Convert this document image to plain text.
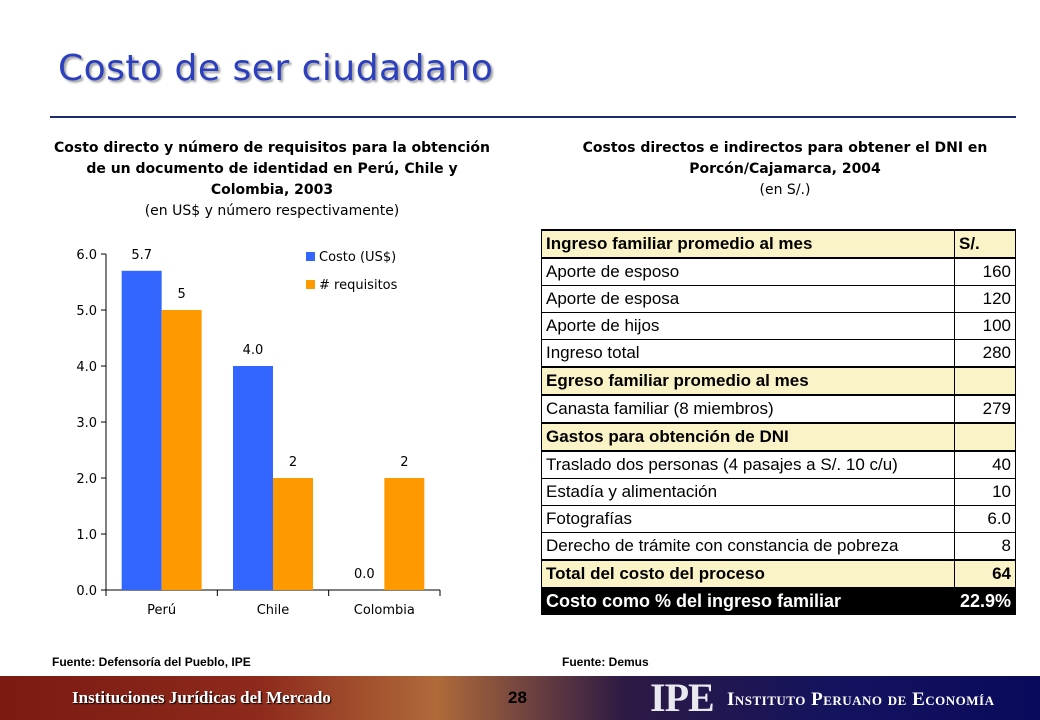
Costo de ser ciudadano

Costo directo y número de requisitos para la obtención de un documento de identidad en Perú, Chile y Colombia, 2003
(en US$ y número respectivamente)

0.0
1.0
2.0
3.0
4.0
5.0
6.0
Perú
5.7
5
Chile
4.0
2
Colombia
0.0
2
Costo (US$)
# requisitos
Fuente: Defensoría del Pueblo, IPE

Costos directos e indirectos para obtener el DNI en Porcón/Cajamarca, 2004
(en S/.)

Ingreso familiar promedio al mes	S/.
Aporte de esposo	160
Aporte de esposa	120
Aporte de hijos	100
Ingreso total	280
Egreso familiar promedio al mes	
Canasta familiar (8 miembros)	279
Gastos para obtención de DNI	
Traslado dos personas (4 pasajes a S/. 10 c/u)	40
Estadía y alimentación	10
Fotografías	6.0
Derecho de trámite con constancia de pobreza	8
Total del costo del proceso	64
Costo como % del ingreso familiar	22.9%
Fuente: Demus
Instituciones Jurídicas del Mercado	28	IPE Instituto Peruano de Economía
